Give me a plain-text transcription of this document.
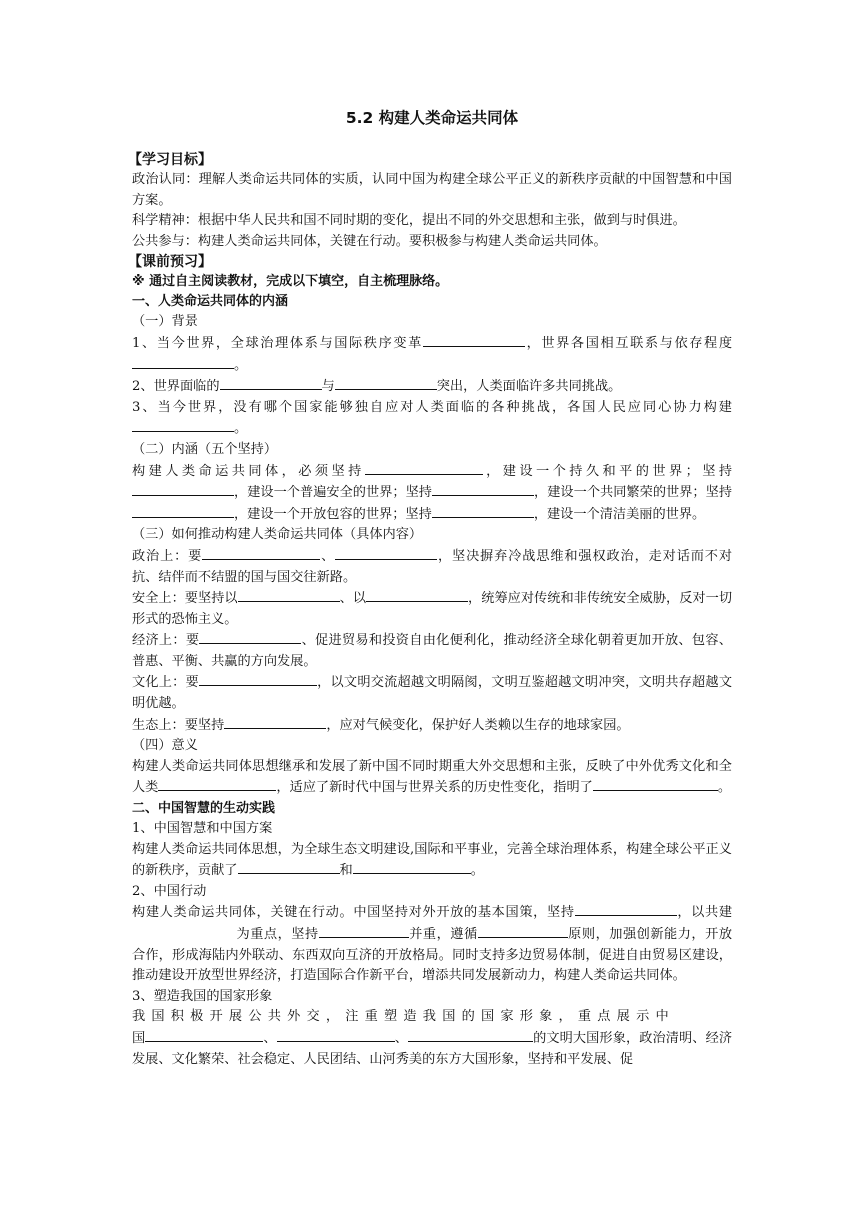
5.2 构建人类命运共同体
【学习目标】

政治认同：理解人类命运共同体的实质，认同中国为构建全球公平正义的新秩序贡献的中国智慧和中国方案。

科学精神：根据中华人民共和国不同时期的变化，提出不同的外交思想和主张，做到与时俱进。

公共参与：构建人类命运共同体，关键在行动。要积极参与构建人类命运共同体。

【课前预习】
※ 通过自主阅读教材，完成以下填空，自主梳理脉络。
一、人类命运共同体的内涵

（一）背景

1、当今世界，全球治理体系与国际秩序变革	，世界各国相互联系与依存程度。

2、世界面临的	与	突出，人类面临许多共同挑战。

3、当今世界，没有哪个国家能够独自应对人类面临的各种挑战，各国人民应同心协力构建。

（二）内涵（五个坚持）

构建人类命运共同体，必须坚持	，建设一个持久和平的世界；坚持，建设一个普遍安全的世界；坚持	，建设一个共同繁荣的世界；坚持，建设一个开放包容的世界；坚持	，建设一个清洁美丽的世界。

（三）如何推动构建人类命运共同体（具体内容）

政治上：要	、	，坚决摒弃冷战思维和强权政治，走对话而不对抗、结伴而不结盟的国与国交往新路。

安全上：要坚持以	、以	，统筹应对传统和非传统安全威胁，反对一切形式的恐怖主义。

经济上：要	、促进贸易和投资自由化便利化，推动经济全球化朝着更加开放、包容、普惠、平衡、共赢的方向发展。

文化上：要	，以文明交流超越文明隔阂，文明互鉴超越文明冲突，文明共存超越文明优越。

生态上：要坚持	，应对气候变化，保护好人类赖以生存的地球家园。

（四）意义

构建人类命运共同体思想继承和发展了新中国不同时期重大外交思想和主张，反映了中外优秀文化和全人类	，适应了新时代中国与世界关系的历史性变化，指明了	。

二、中国智慧的生动实践

1、中国智慧和中国方案

构建人类命运共同体思想，为全球生态文明建设,国际和平事业，完善全球治理体系，构建全球公平正义的新秩序，贡献了	和	。

2、中国行动

构建人类命运共同体，关键在行动。中国坚持对外开放的基本国策，坚持	，以共建为重点，坚持	并重，遵循	原则，加强创新能力，开放合作，形成海陆内外联动、东西双向互济的开放格局。同时支持多边贸易体制，促进自由贸易区建设，推动建设开放型世界经济，打造国际合作新平台，增添共同发展新动力，构建人类命运共同体。

3、塑造我国的国家形象

我国积极开展公共外交，注重塑造我国的国家形象，重点展示中

国	、	、	的文明大国形象，政治清明、经济发展、文化繁荣、社会稳定、人民团结、山河秀美的东方大国形象，坚持和平发展、促
